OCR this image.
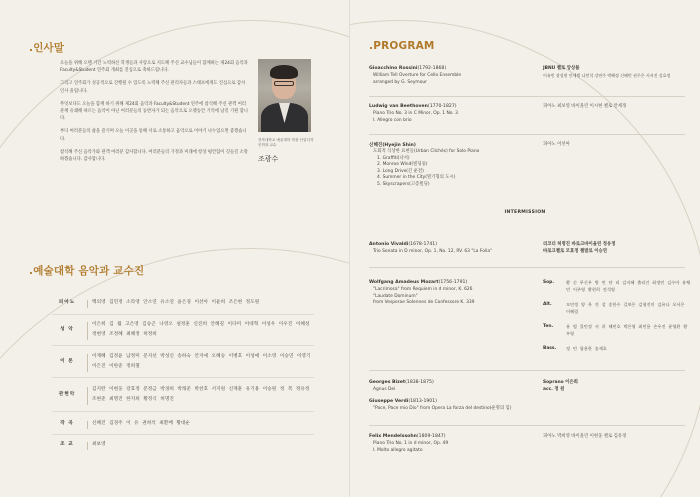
.인사말

오늘을 위해 오랜 기간 노력하신 학생들과 사랑으로 지도해 주신 교수님들이 함께하는 제24회 음악과 Faculty&Student 연주회 개최를 진심으로 축하드립니다.

그리고 연주회가 성공적으로 진행될 수 있도록 노력해 주신 관리자들과 스태프에게도 진심으로 감사 인사 올립니다.

무엇보다도 오늘을 함께 하기 위해 제24회 음악과 Faculty&Student 연주에 참석해 주신 관객 여러분께 유쾌해 따르는 음악이 아닌 여러분들의 동반자가 되는 음악으로 오랫동안 기억에 남길 기원 합니다.

부디 여러분들의 삶을 즐기며 오늘 이곳을 통해 서로 소통하고 음악으로 이야기 나누었으면 좋겠습니다.

참석해 주신 음악가와 관객 여러분 감사합니다. 여러분들의 가정과 미래에 항상 평안함이 깃들길 소망하겠습니다. 감사합니다.

전북대학교 예술대학 학장 산업디자인학과 교수
조광수
.예술대학 음악과 교수진
피아노	백의영 김민정 소라영 안소연 유소연 윤은경 이선아 이윤희 조은현 정도원
성 악
이은희 김 월 고은영 김승곤 나영오 설정훈 신진희 안해길 이다미 이대혁 이성우 이우진 이혜성 정현영 조정혜 최혜정 허정희
이 론
이재혜 김정윤 남정미 문지선 박성신 송하숙 안지애 오혜승 이병호 이성애 이소영 이승연 이영기 이은진 이한준 정희철
관현악
김지완 이현웅 강효정 문정금 박경희 박래준 박찬호 서지원 신재훈 유기용 이승원 정 복 정유정 조현준 최명진 한지희 황정식 허명진
작 곡	신혜진 김경주 이 유 권희석 최환배 황대순
조 교	최보영
.PROGRAM
Gioacchino Rossini(1792-1868)
William Tell Overture for Cello Ensemble
arranged by G. Seymour
JBNU 첼로 앙상블
이유빈 장성현 안세범 나민석 강연주 박혜정 신혜빈 권주은 서서진 강효정
Ludwig van Beethoven(1770-1827)
Piano Trio No. 3 in C Minor, Op. 1 No. 3
I. Allegro con brio
피아노 최보영 바이올린 이시현 첼로 안세정
신혜진(Hyejin Shin)
도회적 식상한 표현들(Urban Clichés) for Solo Piano
1. Graffiti(낙서)
2. Monroe Wind(빌딩풍)
3. Long Drive(긴 운전)
4. Summer in the City(열기형의 도시)
5. Skyscrapers(고층빌딩)
피아노 이선아
INTERMISSION
Antonio Vivaldi(1678-1741)
Trio Sonata in D minor, Op. 1, No. 12, RV. 63 "La Folia"
리코더 허명진 바로크바이올린 정유정
바로크첼로 모효정 쳄발로 이승연
Wolfgang Amadeus Mozart(1756-1791)
"Lacrimosa" from Requiem in d minor, K. 626
"Laudate Dominum"
from Vesperae Solennes de Confessore K. 339
Sop.	황 순 무신우 방 민 단 리 김지혜 출리건 최정민 김수아 유채민 이주영 황현희 전석영
Alt.	모민정 양 옥 진 설 송한수 길보은 김형진미 김유나 오서은 이혜림
Ten.	유 범 물민정 서 희 해민호 박은영 최민용 손우진 윤영환 황우영
Bass.	정 민 함용한 송재호
Georges Bizet(1838-1875)
Agnus Dei
Soprano 이은희
acc. 정 원
Giuseppe Verdi(1813-1901)
"Pace, Pace mio Dio" from Opera La forza del destino(운명의 힘)
Felix Mendelssohn(1809-1847)
Piano Trio No. 1 in d minor, Op. 49
I. Molto allegro agitato
피아노 박희영 바이올린 이현웅 첼로 김유정
